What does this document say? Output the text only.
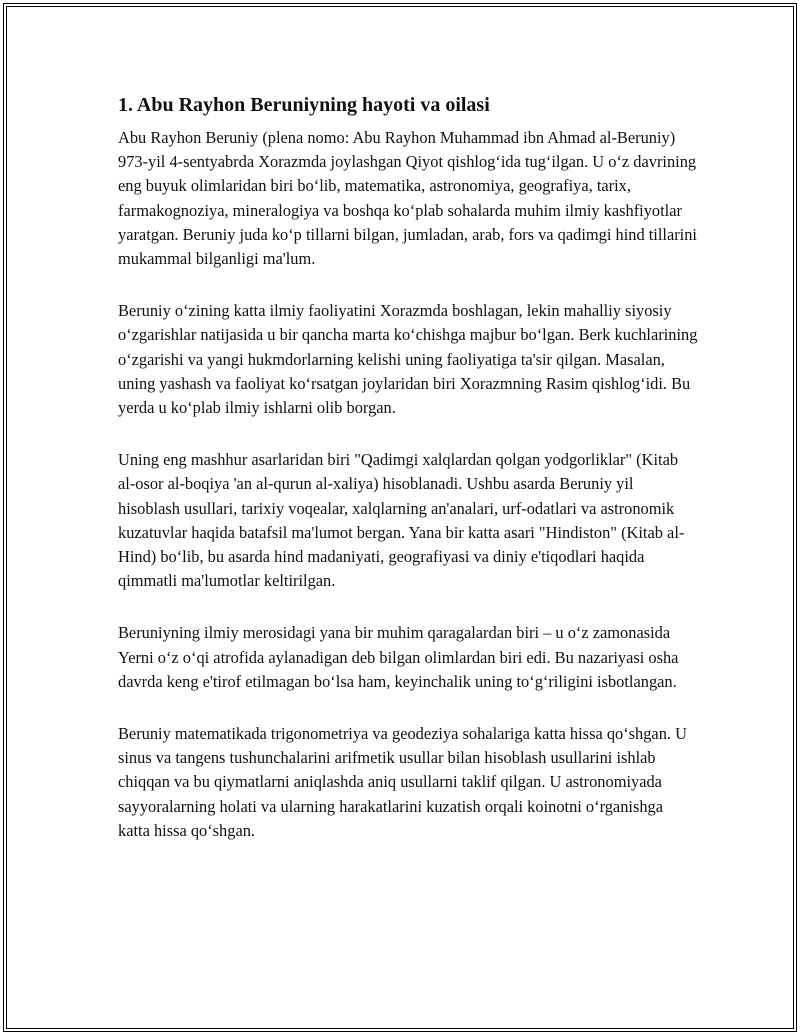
1. Abu Rayhon Beruniyning hayoti va oilasi

Abu Rayhon Beruniy (plena nomo: Abu Rayhon Muhammad ibn Ahmad al-Beruniy) 973-yil 4-sentyabrda Xorazmda joylashgan Qiyot qishlog‘ida tug‘ilgan. U o‘z davrining eng buyuk olimlaridan biri bo‘lib, matematika, astronomiya, geografiya, tarix, farmakognoziya, mineralogiya va boshqa ko‘plab sohalarda muhim ilmiy kashfiyotlar yaratgan. Beruniy juda ko‘p tillarni bilgan, jumladan, arab, fors va qadimgi hind tillarini mukammal bilganligi ma'lum.

Beruniy o‘zining katta ilmiy faoliyatini Xorazmda boshlagan, lekin mahalliy siyosiy o‘zgarishlar natijasida u bir qancha marta ko‘chishga majbur bo‘lgan. Berk kuchlarining o‘zgarishi va yangi hukmdorlarning kelishi uning faoliyatiga ta'sir qilgan. Masalan, uning yashash va faoliyat ko‘rsatgan joylaridan biri Xorazmning Rasim qishlog‘idi. Bu yerda u ko‘plab ilmiy ishlarni olib borgan.

Uning eng mashhur asarlaridan biri "Qadimgi xalqlardan qolgan yodgorliklar" (Kitab al-osor al-boqiya 'an al-qurun al-xaliya) hisoblanadi. Ushbu asarda Beruniy yil hisoblash usullari, tarixiy voqealar, xalqlarning an'analari, urf-odatlari va astronomik kuzatuvlar haqida batafsil ma'lumot bergan. Yana bir katta asari "Hindiston" (Kitab al-Hind) bo‘lib, bu asarda hind madaniyati, geografiyasi va diniy e'tiqodlari haqida qimmatli ma'lumotlar keltirilgan.

Beruniyning ilmiy merosidagi yana bir muhim qaragalardan biri – u o‘z zamonasida Yerni o‘z o‘qi atrofida aylanadigan deb bilgan olimlardan biri edi. Bu nazariyasi osha davrda keng e'tirof etilmagan bo‘lsa ham, keyinchalik uning to‘g‘riligini isbotlangan.

Beruniy matematikada trigonometriya va geodeziya sohalariga katta hissa qo‘shgan. U sinus va tangens tushunchalarini arifmetik usullar bilan hisoblash usullarini ishlab chiqqan va bu qiymatlarni aniqlashda aniq usullarni taklif qilgan. U astronomiyada sayyoralarning holati va ularning harakatlarini kuzatish orqali koinotni o‘rganishga katta hissa qo‘shgan.
